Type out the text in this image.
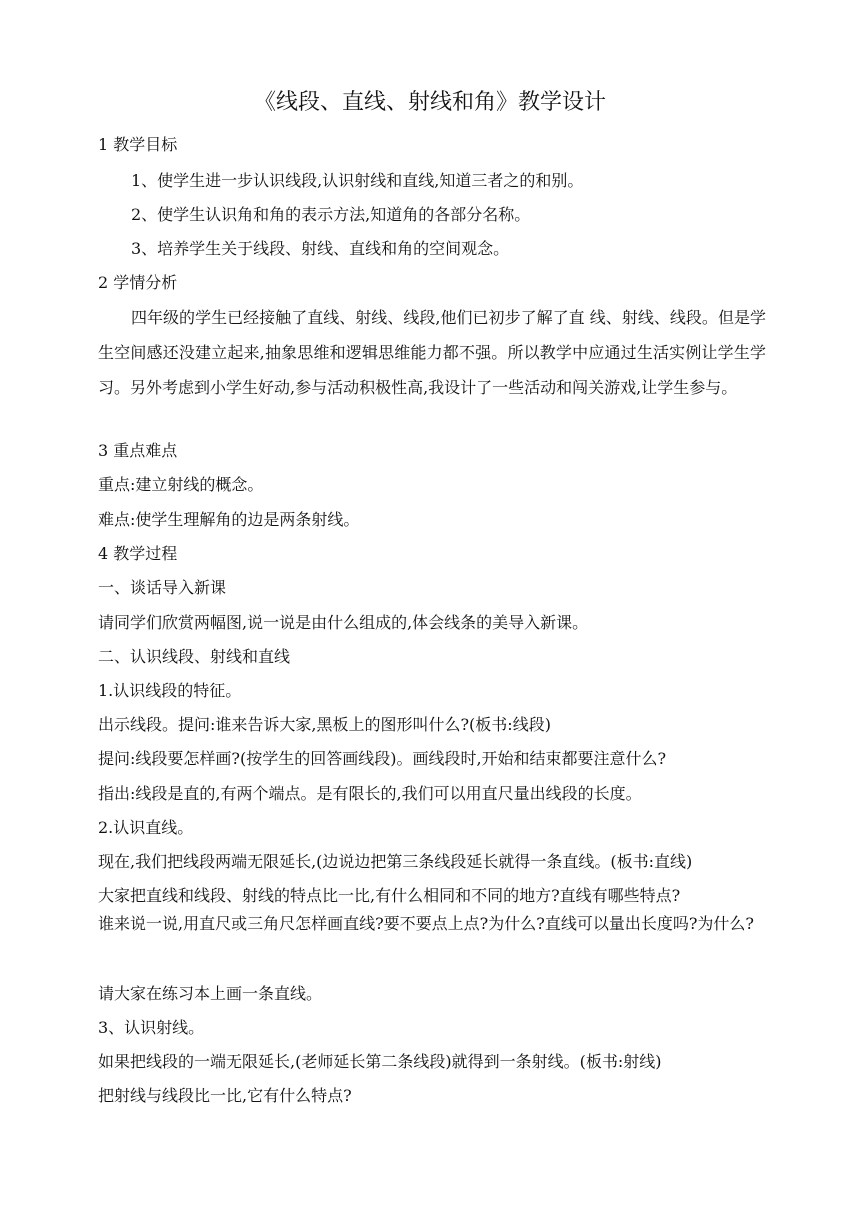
《线段、直线、射线和角》教学设计
1 教学目标
1、使学生进一步认识线段,认识射线和直线,知道三者之的和别。
2、使学生认识角和角的表示方法,知道角的各部分名称。
3、培养学生关于线段、射线、直线和角的空间观念。
2 学情分析
四年级的学生已经接触了直线、射线、线段,他们已初步了解了直 线、射线、线段。但是学生空间感还没建立起来,抽象思维和逻辑思维能力都不强。所以教学中应通过生活实例让学生学习。另外考虑到小学生好动,参与活动积极性高,我设计了一些活动和闯关游戏,让学生参与。
3 重点难点
重点:建立射线的概念。
难点:使学生理解角的边是两条射线。
4 教学过程
一、谈话导入新课
请同学们欣赏两幅图,说一说是由什么组成的,体会线条的美导入新课。
二、认识线段、射线和直线
1.认识线段的特征。
出示线段。提问:谁来告诉大家,黑板上的图形叫什么?(板书:线段)
提问:线段要怎样画?(按学生的回答画线段)。画线段时,开始和结束都要注意什么?
指出:线段是直的,有两个端点。是有限长的,我们可以用直尺量出线段的长度。
2.认识直线。
现在,我们把线段两端无限延长,(边说边把第三条线段延长就得一条直线。(板书:直线)
大家把直线和线段、射线的特点比一比,有什么相同和不同的地方?直线有哪些特点?
谁来说一说,用直尺或三角尺怎样画直线?要不要点上点?为什么?直线可以量出长度吗?为什么?
请大家在练习本上画一条直线。
3、认识射线。
如果把线段的一端无限延长,(老师延长第二条线段)就得到一条射线。(板书:射线)
把射线与线段比一比,它有什么特点?
